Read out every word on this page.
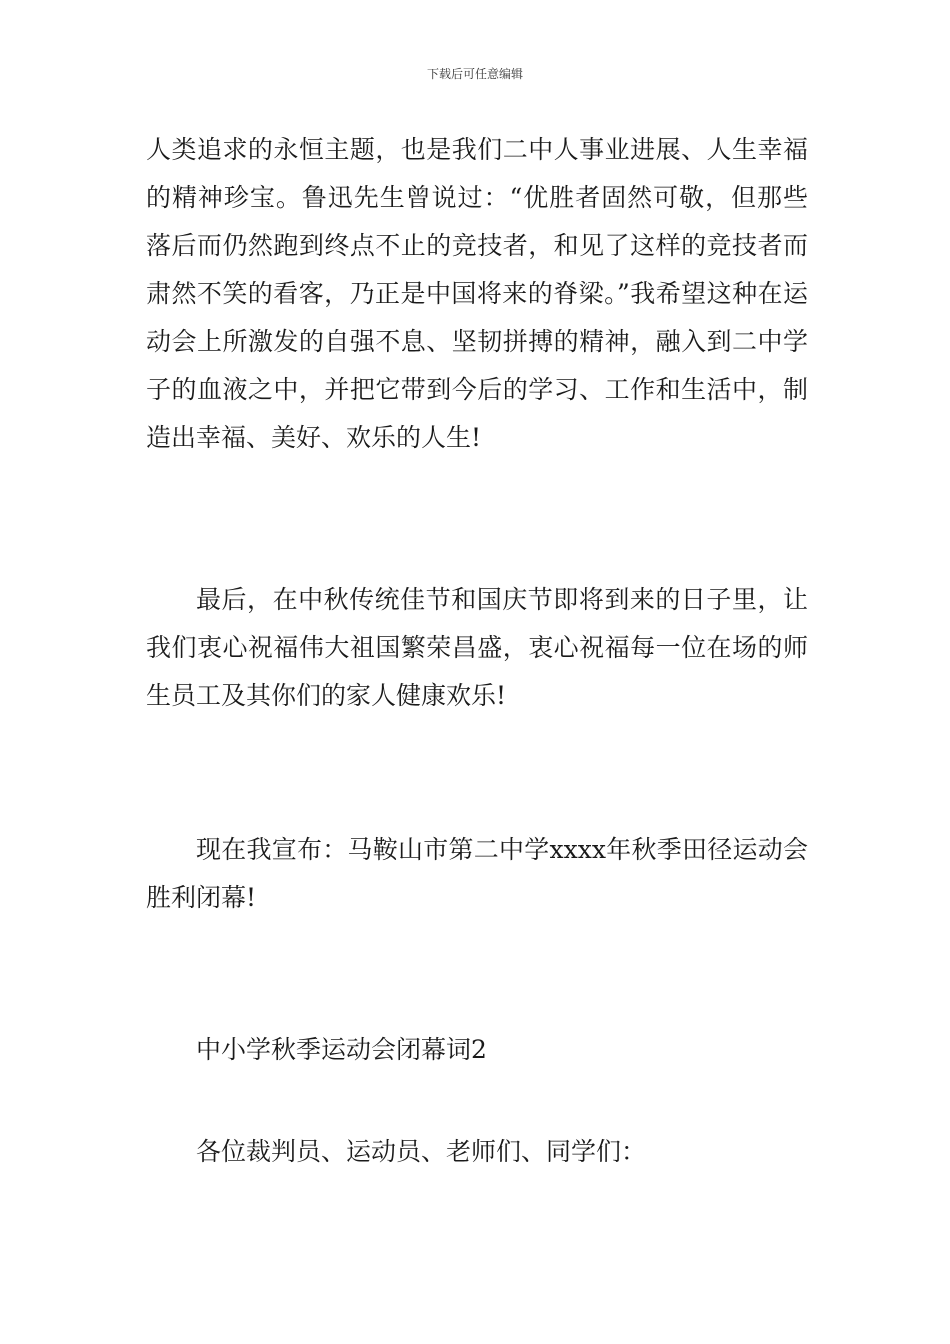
下载后可任意编辑

人类追求的永恒主题，也是我们二中人事业进展、人生幸福的精神珍宝。鲁迅先生曾说过：“优胜者固然可敬，但那些落后而仍然跑到终点不止的竞技者，和见了这样的竞技者而肃然不笑的看客，乃正是中国将来的脊梁。”我希望这种在运动会上所激发的自强不息、坚韧拼搏的精神，融入到二中学子的血液之中，并把它带到今后的学习、工作和生活中，制造出幸福、美好、欢乐的人生!

最后，在中秋传统佳节和国庆节即将到来的日子里，让我们衷心祝福伟大祖国繁荣昌盛，衷心祝福每一位在场的师生员工及其你们的家人健康欢乐!

现在我宣布：马鞍山市第二中学xxxx年秋季田径运动会胜利闭幕!

中小学秋季运动会闭幕词2

各位裁判员、运动员、老师们、同学们：
